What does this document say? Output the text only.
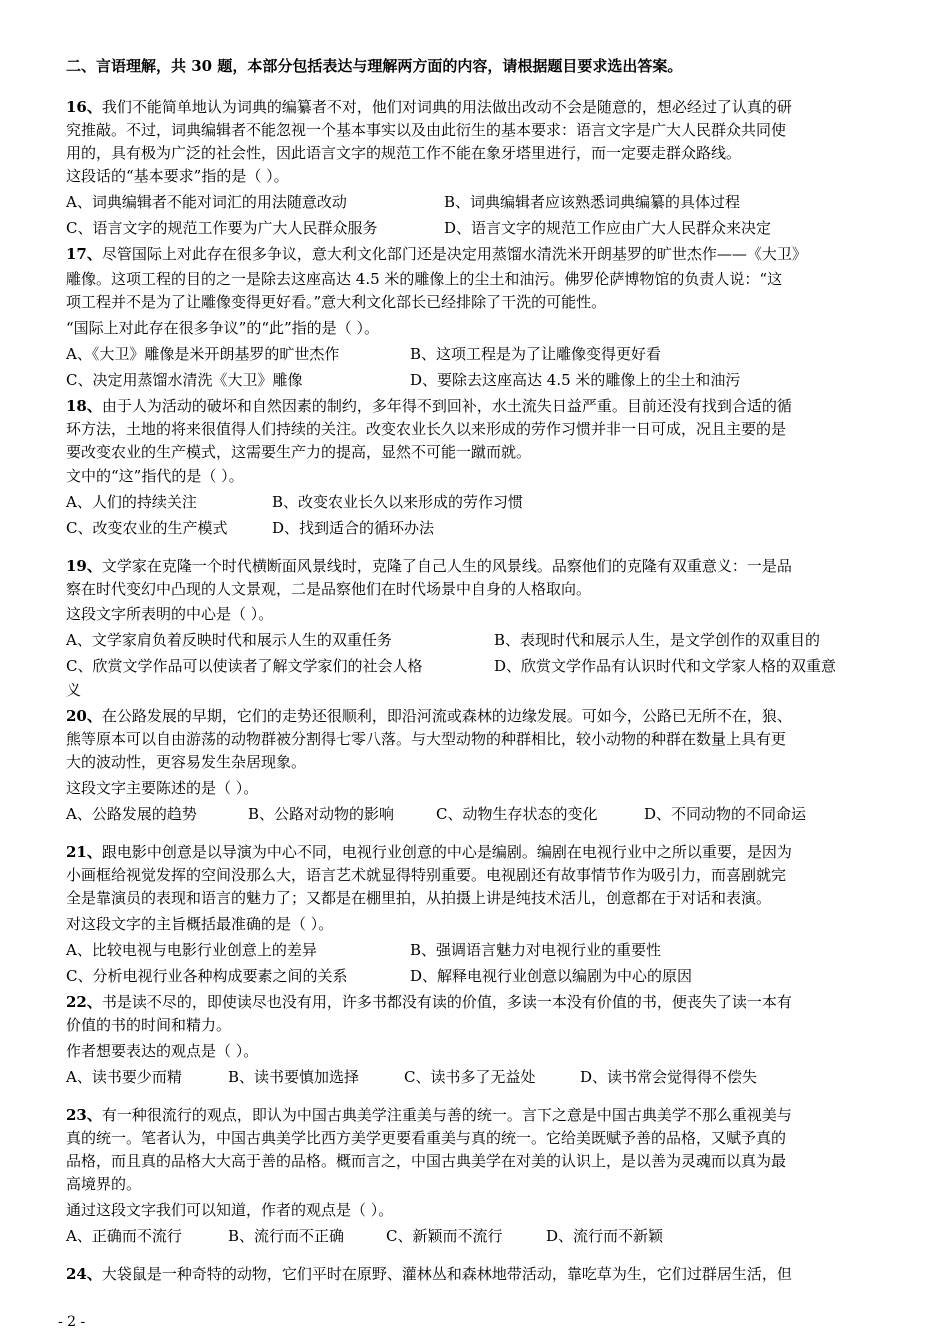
二、言语理解，共 30 题，本部分包括表达与理解两方面的内容，请根据题目要求选出答案。
16、我们不能简单地认为词典的编纂者不对，他们对词典的用法做出改动不会是随意的，想必经过了认真的研
究推敲。不过，词典编辑者不能忽视一个基本事实以及由此衍生的基本要求：语言文字是广大人民群众共同使
用的，具有极为广泛的社会性，因此语言文字的规范工作不能在象牙塔里进行，而一定要走群众路线。
这段话的“基本要求”指的是（ ）。
A、词典编辑者不能对词汇的用法随意改动	B、词典编辑者应该熟悉词典编纂的具体过程
C、语言文字的规范工作要为广大人民群众服务	D、语言文字的规范工作应由广大人民群众来决定
17、尽管国际上对此存在很多争议，意大利文化部门还是决定用蒸馏水清洗米开朗基罗的旷世杰作——《大卫》
雕像。这项工程的目的之一是除去这座高达 4.5 米的雕像上的尘土和油污。佛罗伦萨博物馆的负责人说：“这
项工程并不是为了让雕像变得更好看。”意大利文化部长已经排除了干洗的可能性。
“国际上对此存在很多争议”的“此”指的是（ ）。
A、《大卫》雕像是米开朗基罗的旷世杰作	B、这项工程是为了让雕像变得更好看
C、决定用蒸馏水清洗《大卫》雕像	D、要除去这座高达 4.5 米的雕像上的尘土和油污
18、由于人为活动的破坏和自然因素的制约，多年得不到回补，水土流失日益严重。目前还没有找到合适的循
环方法，土地的将来很值得人们持续的关注。改变农业长久以来形成的劳作习惯并非一日可成，况且主要的是
要改变农业的生产模式，这需要生产力的提高，显然不可能一蹴而就。
文中的“这”指代的是（ ）。
A、人们的持续关注	B、改变农业长久以来形成的劳作习惯
C、改变农业的生产模式	D、找到适合的循环办法
19、文学家在克隆一个时代横断面风景线时，克隆了自己人生的风景线。品察他们的克隆有双重意义：一是品
察在时代变幻中凸现的人文景观，二是品察他们在时代场景中自身的人格取向。
这段文字所表明的中心是（ ）。
A、文学家肩负着反映时代和展示人生的双重任务	B、表现时代和展示人生，是文学创作的双重目的
C、欣赏文学作品可以使读者了解文学家们的社会人格	D、欣赏文学作品有认识时代和文学家人格的双重意
义
20、在公路发展的早期，它们的走势还很顺利，即沿河流或森林的边缘发展。可如今，公路已无所不在，狼、
熊等原本可以自由游荡的动物群被分割得七零八落。与大型动物的种群相比，较小动物的种群在数量上具有更
大的波动性，更容易发生杂居现象。
这段文字主要陈述的是（ ）。
A、公路发展的趋势	B、公路对动物的影响	C、动物生存状态的变化	D、不同动物的不同命运
21、跟电影中创意是以导演为中心不同，电视行业创意的中心是编剧。编剧在电视行业中之所以重要，是因为
小画框给视觉发挥的空间没那么大，语言艺术就显得特别重要。电视剧还有故事情节作为吸引力，而喜剧就完
全是靠演员的表现和语言的魅力了；又都是在棚里拍，从拍摄上讲是纯技术活儿，创意都在于对话和表演。
对这段文字的主旨概括最准确的是（ ）。
A、比较电视与电影行业创意上的差异	B、强调语言魅力对电视行业的重要性
C、分析电视行业各种构成要素之间的关系	D、解释电视行业创意以编剧为中心的原因
22、书是读不尽的，即使读尽也没有用，许多书都没有读的价值，多读一本没有价值的书，便丧失了读一本有
价值的书的时间和精力。
作者想要表达的观点是（ ）。
A、读书要少而精	B、读书要慎加选择	C、读书多了无益处	D、读书常会觉得得不偿失
23、有一种很流行的观点，即认为中国古典美学注重美与善的统一。言下之意是中国古典美学不那么重视美与
真的统一。笔者认为，中国古典美学比西方美学更要看重美与真的统一。它给美既赋予善的品格，又赋予真的
品格，而且真的品格大大高于善的品格。概而言之，中国古典美学在对美的认识上，是以善为灵魂而以真为最
高境界的。
通过这段文字我们可以知道，作者的观点是（ ）。
A、正确而不流行	B、流行而不正确	C、新颖而不流行	D、流行而不新颖
24、大袋鼠是一种奇特的动物，它们平时在原野、灌林丛和森林地带活动，靠吃草为生，它们过群居生活，但
- 2 -
